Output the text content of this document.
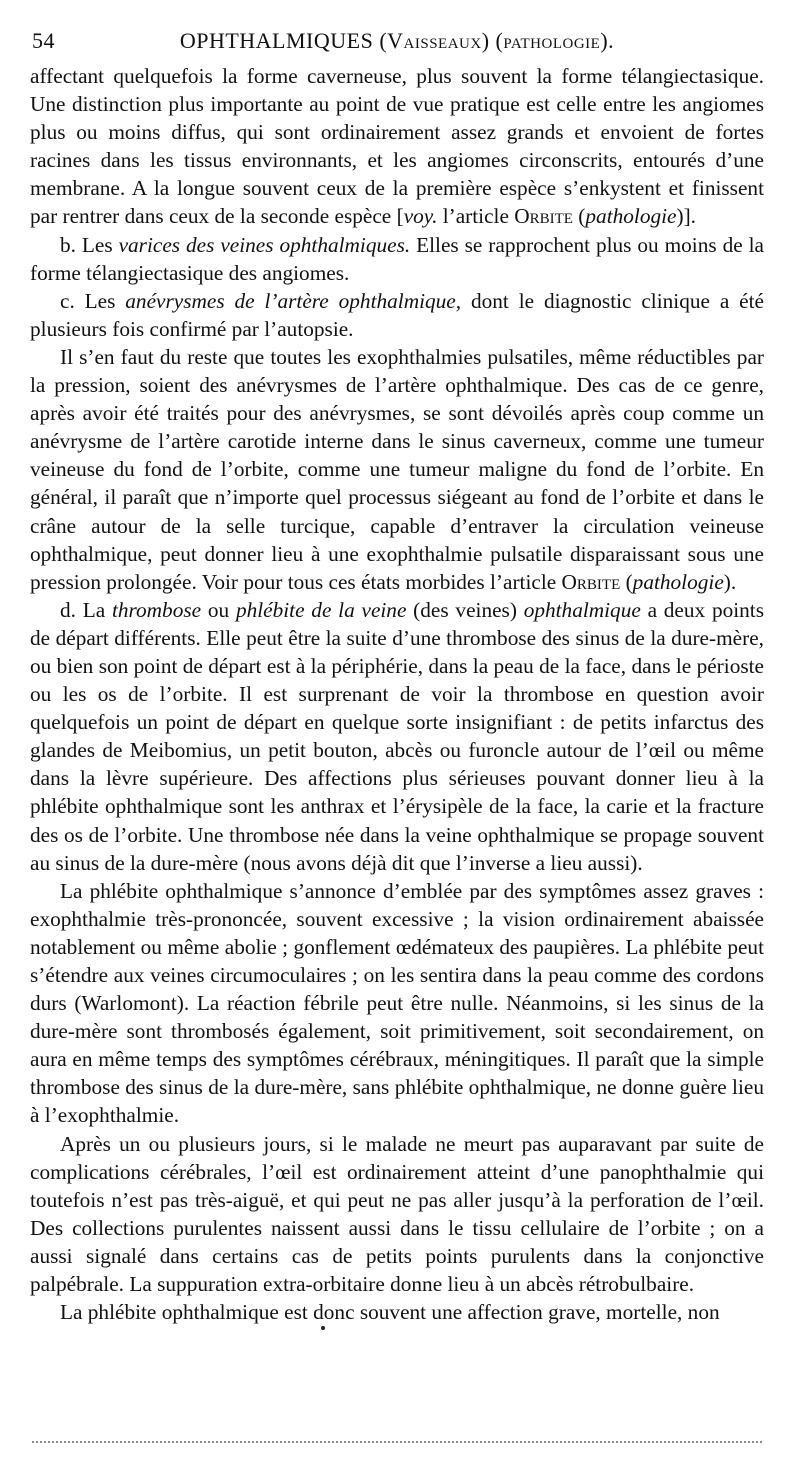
54	OPHTHALMIQUES (Vaisseaux) (pathologie).

affectant quelquefois la forme caverneuse, plus souvent la forme télangiectasique. Une distinction plus importante au point de vue pratique est celle entre les angiomes plus ou moins diffus, qui sont ordinairement assez grands et envoient de fortes racines dans les tissus environnants, et les angiomes circonscrits, entourés d’une membrane. A la longue souvent ceux de la première espèce s’enkystent et finissent par rentrer dans ceux de la seconde espèce [voy. l’article Orbite (pathologie)].

b. Les varices des veines ophthalmiques. Elles se rapprochent plus ou moins de la forme télangiectasique des angiomes.

c. Les anévrysmes de l’artère ophthalmique, dont le diagnostic clinique a été plusieurs fois confirmé par l’autopsie.

Il s’en faut du reste que toutes les exophthalmies pulsatiles, même réductibles par la pression, soient des anévrysmes de l’artère ophthalmique. Des cas de ce genre, après avoir été traités pour des anévrysmes, se sont dévoilés après coup comme un anévrysme de l’artère carotide interne dans le sinus caverneux, comme une tumeur veineuse du fond de l’orbite, comme une tumeur maligne du fond de l’orbite. En général, il paraît que n’importe quel processus siégeant au fond de l’orbite et dans le crâne autour de la selle turcique, capable d’entraver la circulation veineuse ophthalmique, peut donner lieu à une exophthalmie pulsatile disparaissant sous une pression prolongée. Voir pour tous ces états morbides l’article Orbite (pathologie).

d. La thrombose ou phlébite de la veine (des veines) ophthalmique a deux points de départ différents. Elle peut être la suite d’une thrombose des sinus de la dure-mère, ou bien son point de départ est à la périphérie, dans la peau de la face, dans le périoste ou les os de l’orbite. Il est surprenant de voir la thrombose en question avoir quelquefois un point de départ en quelque sorte insignifiant : de petits infarctus des glandes de Meibomius, un petit bouton, abcès ou furoncle autour de l’œil ou même dans la lèvre supérieure. Des affections plus sérieuses pouvant donner lieu à la phlébite ophthalmique sont les anthrax et l’érysipèle de la face, la carie et la fracture des os de l’orbite. Une thrombose née dans la veine ophthalmique se propage souvent au sinus de la dure-mère (nous avons déjà dit que l’inverse a lieu aussi).

La phlébite ophthalmique s’annonce d’emblée par des symptômes assez graves : exophthalmie très-prononcée, souvent excessive ; la vision ordinairement abaissée notablement ou même abolie ; gonflement œdémateux des paupières. La phlébite peut s’étendre aux veines circumoculaires ; on les sentira dans la peau comme des cordons durs (Warlomont). La réaction fébrile peut être nulle. Néanmoins, si les sinus de la dure-mère sont thrombosés également, soit primitivement, soit secondairement, on aura en même temps des symptômes cérébraux, méningitiques. Il paraît que la simple thrombose des sinus de la dure-mère, sans phlébite ophthalmique, ne donne guère lieu à l’exophthalmie.

Après un ou plusieurs jours, si le malade ne meurt pas auparavant par suite de complications cérébrales, l’œil est ordinairement atteint d’une panophthalmie qui toutefois n’est pas très-aiguë, et qui peut ne pas aller jusqu’à la perforation de l’œil. Des collections purulentes naissent aussi dans le tissu cellulaire de l’orbite ; on a aussi signalé dans certains cas de petits points purulents dans la conjonctive palpébrale. La suppuration extra-orbitaire donne lieu à un abcès rétrobulbaire.

La phlébite ophthalmique est donc souvent une affection grave, mortelle, non
